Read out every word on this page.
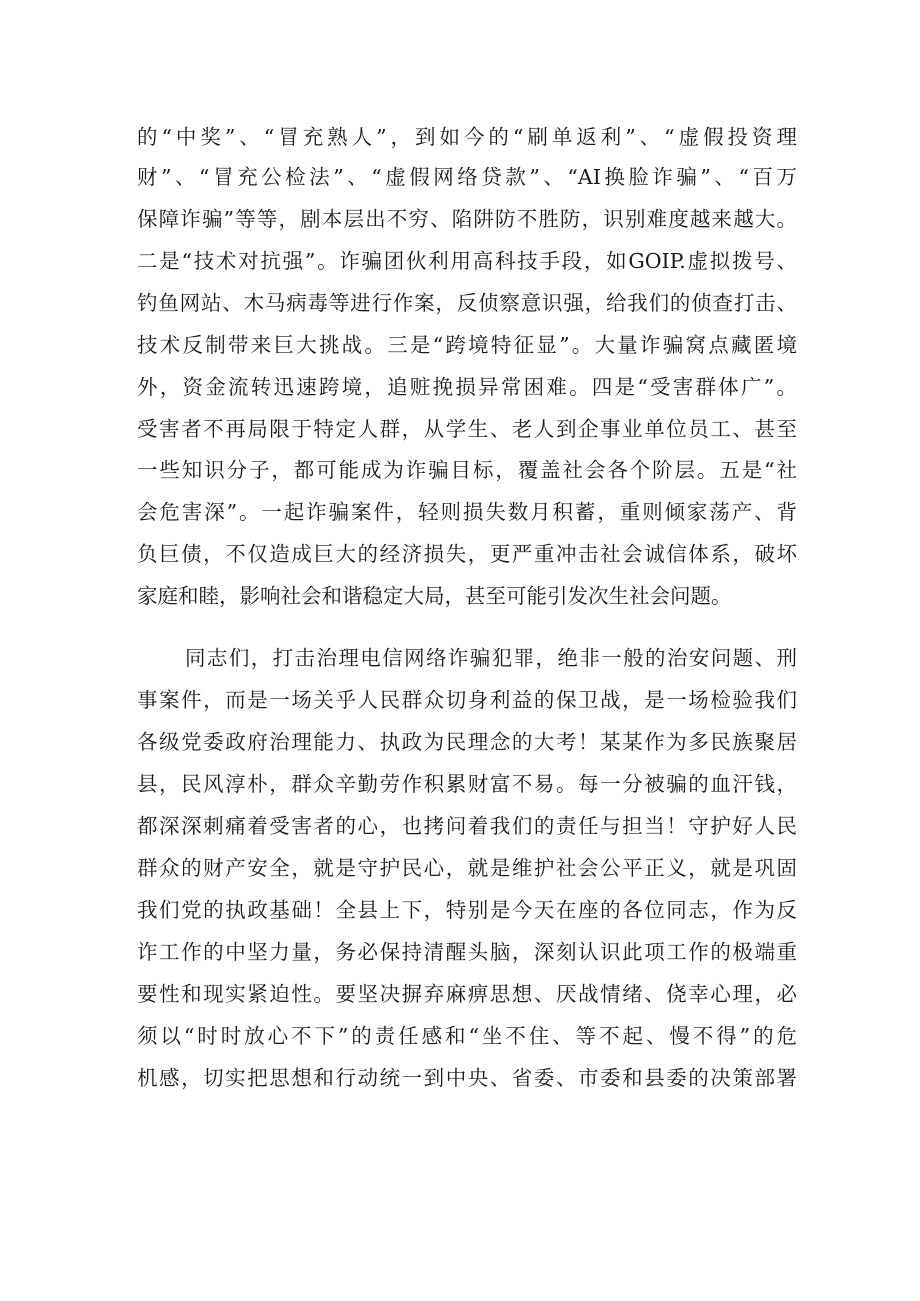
的“中奖”、“冒充熟人”，到如今的“刷单返利”、“虚假投资理
财”、“冒充公检法”、“虚假网络贷款”、“AI换脸诈骗”、“百万
保障诈骗”等等，剧本层出不穷、陷阱防不胜防，识别难度越来越大。
二是“技术对抗强”。诈骗团伙利用高科技手段，如GOIP.虚拟拨号、
钓鱼网站、木马病毒等进行作案，反侦察意识强，给我们的侦查打击、
技术反制带来巨大挑战。三是“跨境特征显”。大量诈骗窝点藏匿境
外，资金流转迅速跨境，追赃挽损异常困难。四是“受害群体广”。
受害者不再局限于特定人群，从学生、老人到企事业单位员工、甚至
一些知识分子，都可能成为诈骗目标，覆盖社会各个阶层。五是“社
会危害深”。一起诈骗案件，轻则损失数月积蓄，重则倾家荡产、背
负巨债，不仅造成巨大的经济损失，更严重冲击社会诚信体系，破坏
家庭和睦，影响社会和谐稳定大局，甚至可能引发次生社会问题。
同志们，打击治理电信网络诈骗犯罪，绝非一般的治安问题、刑
事案件，而是一场关乎人民群众切身利益的保卫战，是一场检验我们
各级党委政府治理能力、执政为民理念的大考！某某作为多民族聚居
县，民风淳朴，群众辛勤劳作积累财富不易。每一分被骗的血汗钱，
都深深刺痛着受害者的心，也拷问着我们的责任与担当！守护好人民
群众的财产安全，就是守护民心，就是维护社会公平正义，就是巩固
我们党的执政基础！全县上下，特别是今天在座的各位同志，作为反
诈工作的中坚力量，务必保持清醒头脑，深刻认识此项工作的极端重
要性和现实紧迫性。要坚决摒弃麻痹思想、厌战情绪、侥幸心理，必
须以“时时放心不下”的责任感和“坐不住、等不起、慢不得”的危
机感，切实把思想和行动统一到中央、省委、市委和县委的决策部署
